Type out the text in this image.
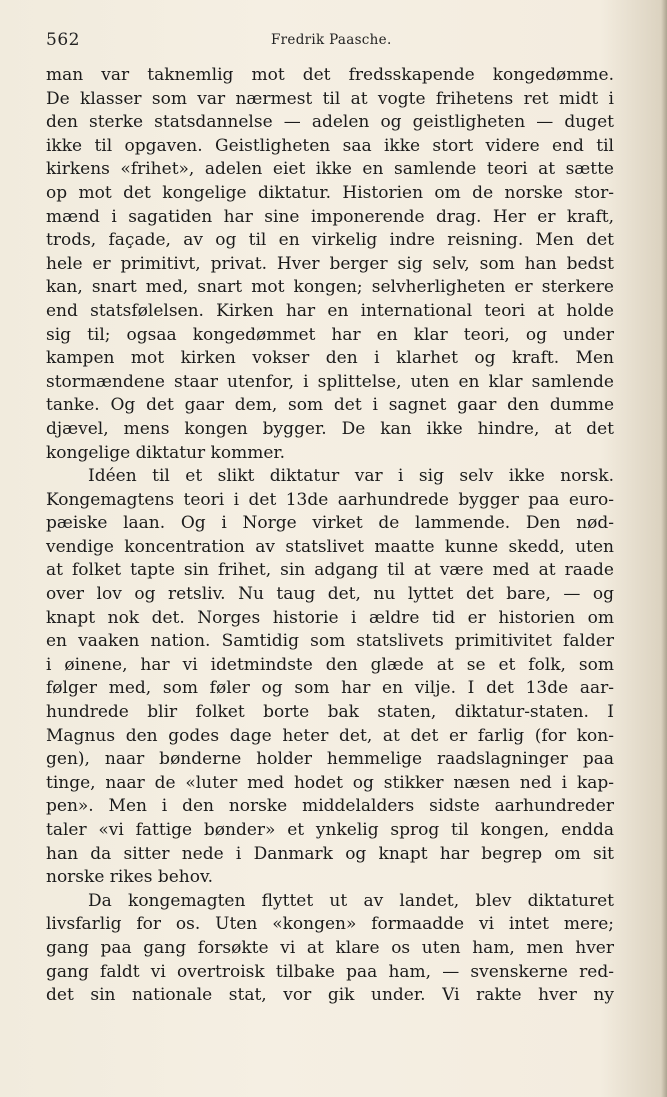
562	Fredrik Paasche.
man var taknemlig mot det fredsskapende kongedømme.
De klasser som var nærmest til at vogte frihetens ret midt i
den sterke statsdannelse — adelen og geistligheten — duget
ikke til opgaven. Geistligheten saa ikke stort videre end til
kirkens «frihet», adelen eiet ikke en samlende teori at sætte
op mot det kongelige diktatur. Historien om de norske stor-
mænd i sagatiden har sine imponerende drag. Her er kraft,
trods, façade, av og til en virkelig indre reisning. Men det
hele er primitivt, privat. Hver berger sig selv, som han bedst
kan, snart med, snart mot kongen; selvherligheten er sterkere
end statsfølelsen. Kirken har en international teori at holde
sig til; ogsaa kongedømmet har en klar teori, og under
kampen mot kirken vokser den i klarhet og kraft. Men
stormændene staar utenfor, i splittelse, uten en klar samlende
tanke. Og det gaar dem, som det i sagnet gaar den dumme
djævel, mens kongen bygger. De kan ikke hindre, at det
kongelige diktatur kommer.
Idéen til et slikt diktatur var i sig selv ikke norsk.
Kongemagtens teori i det 13de aarhundrede bygger paa euro-
pæiske laan. Og i Norge virket de lammende. Den nød-
vendige koncentration av statslivet maatte kunne skedd, uten
at folket tapte sin frihet, sin adgang til at være med at raade
over lov og retsliv. Nu taug det, nu lyttet det bare, — og
knapt nok det. Norges historie i ældre tid er historien om
en vaaken nation. Samtidig som statslivets primitivitet falder
i øinene, har vi idetmindste den glæde at se et folk, som
følger med, som føler og som har en vilje. I det 13de aar-
hundrede blir folket borte bak staten, diktatur-staten. I
Magnus den godes dage heter det, at det er farlig (for kon-
gen), naar bønderne holder hemmelige raadslagninger paa
tinge, naar de «luter med hodet og stikker næsen ned i kap-
pen». Men i den norske middelalders sidste aarhundreder
taler «vi fattige bønder» et ynkelig sprog til kongen, endda
han da sitter nede i Danmark og knapt har begrep om sit
norske rikes behov.
Da kongemagten flyttet ut av landet, blev diktaturet
livsfarlig for os. Uten «kongen» formaadde vi intet mere;
gang paa gang forsøkte vi at klare os uten ham, men hver
gang faldt vi overtroisk tilbake paa ham, — svenskerne red-
det sin nationale stat, vor gik under. Vi rakte hver ny
